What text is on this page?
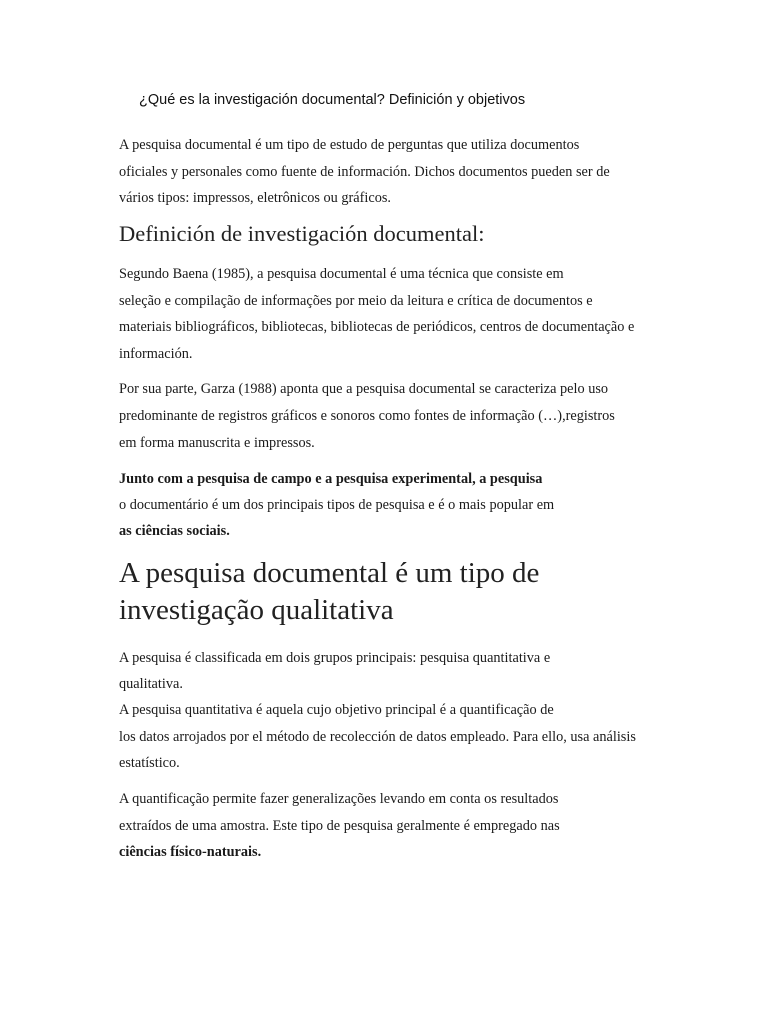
¿Qué es la investigación documental? Definición y objetivos

A pesquisa documental é um tipo de estudo de perguntas que utiliza documentos

oficiales y personales como fuente de información. Dichos documentos pueden ser de

vários tipos: impressos, eletrônicos ou gráficos.

Definición de investigación documental:

Segundo Baena (1985), a pesquisa documental é uma técnica que consiste em

seleção e compilação de informações por meio da leitura e crítica de documentos e

materiais bibliográficos, bibliotecas, bibliotecas de periódicos, centros de documentação e

información.

Por sua parte, Garza (1988) aponta que a pesquisa documental se caracteriza pelo uso

predominante de registros gráficos e sonoros como fontes de informação (…),registros

em forma manuscrita e impressos.

Junto com a pesquisa de campo e a pesquisa experimental, a pesquisa

o documentário é um dos principais tipos de pesquisa e é o mais popular em

as ciências sociais.

A pesquisa documental é um tipo de
investigação qualitativa

A pesquisa é classificada em dois grupos principais: pesquisa quantitativa e

qualitativa.

A pesquisa quantitativa é aquela cujo objetivo principal é a quantificação de

los datos arrojados por el método de recolección de datos empleado. Para ello, usa análisis

estatístico.

A quantificação permite fazer generalizações levando em conta os resultados

extraídos de uma amostra. Este tipo de pesquisa geralmente é empregado nas

ciências físico-naturais.
